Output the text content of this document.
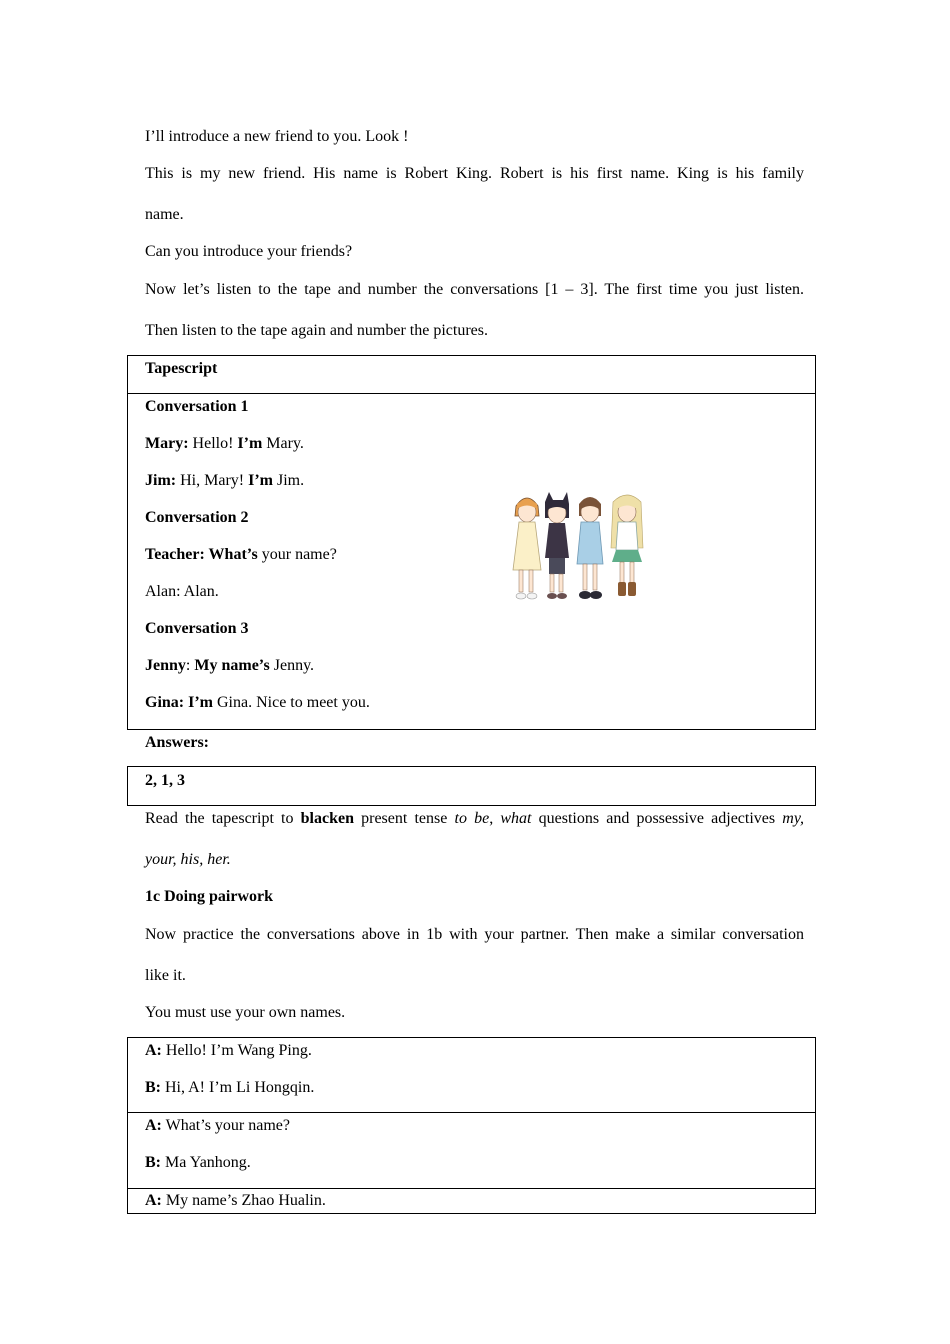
I’ll introduce a new friend to you. Look !
This is my new friend. His name is Robert King. Robert is his first name. King is his family
name.
Can you introduce your friends?
Now let’s listen to the tape and number the conversations [1 – 3]. The first time you just listen.
Then listen to the tape again and number the pictures.
Tapescript
Conversation 1
Mary: Hello! I’m Mary.
Jim: Hi, Mary! I’m Jim.
Conversation 2
Teacher: What’s your name?
Alan: Alan.
Conversation 3
Jenny: My name’s Jenny.
Gina: I’m Gina. Nice to meet you.
Answers:
2, 1, 3
Read the tapescript to blacken present tense to be, what questions and possessive adjectives my,
your, his, her.
1c Doing pairwork
Now practice the conversations above in 1b with your partner. Then make a similar conversation
like it.
You must use your own names.
A: Hello! I’m Wang Ping.
B: Hi, A! I’m Li Hongqin.
A: What’s your name?
B: Ma Yanhong.
A: My name’s Zhao Hualin.
